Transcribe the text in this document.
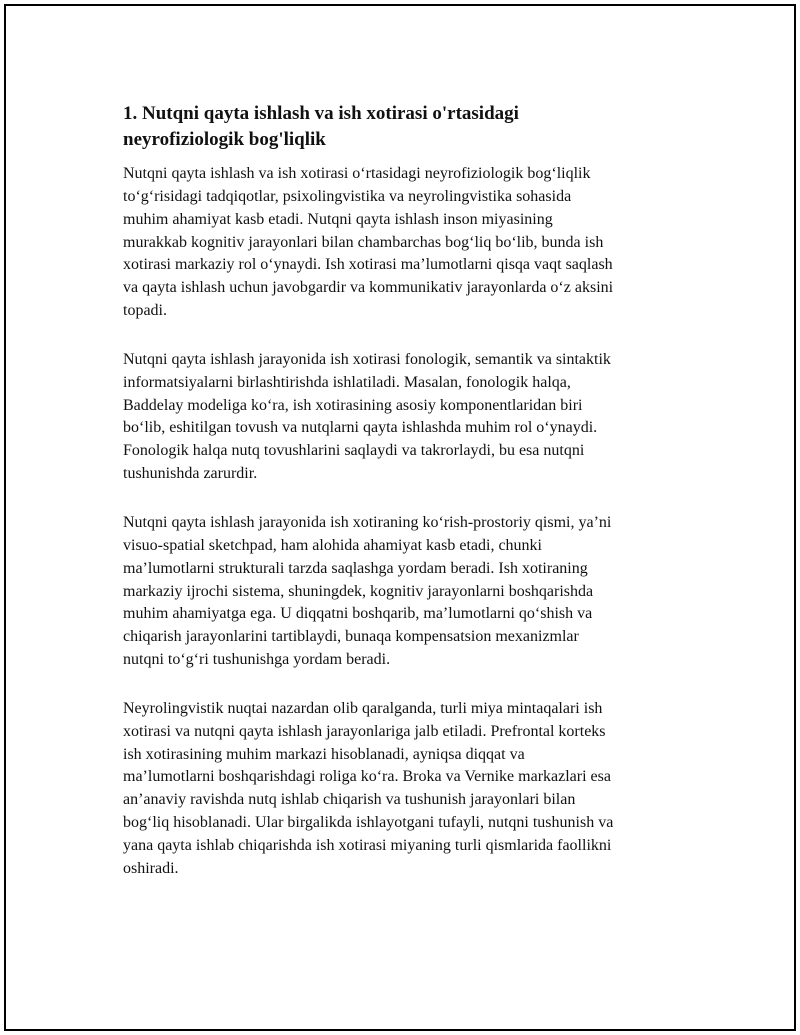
1. Nutqni qayta ishlash va ish xotirasi o'rtasidagi
neyrofiziologik bog'liqlik

Nutqni qayta ishlash va ish xotirasi o‘rtasidagi neyrofiziologik bog‘liqlik
to‘g‘risidagi tadqiqotlar, psixolingvistika va neyrolingvistika sohasida
muhim ahamiyat kasb etadi. Nutqni qayta ishlash inson miyasining
murakkab kognitiv jarayonlari bilan chambarchas bog‘liq bo‘lib, bunda ish
xotirasi markaziy rol o‘ynaydi. Ish xotirasi ma’lumotlarni qisqa vaqt saqlash
va qayta ishlash uchun javobgardir va kommunikativ jarayonlarda o‘z aksini
topadi.

Nutqni qayta ishlash jarayonida ish xotirasi fonologik, semantik va sintaktik
informatsiyalarni birlashtirishda ishlatiladi. Masalan, fonologik halqa,
Baddelay modeliga ko‘ra, ish xotirasining asosiy komponentlaridan biri
bo‘lib, eshitilgan tovush va nutqlarni qayta ishlashda muhim rol o‘ynaydi.
Fonologik halqa nutq tovushlarini saqlaydi va takrorlaydi, bu esa nutqni
tushunishda zarurdir.

Nutqni qayta ishlash jarayonida ish xotiraning ko‘rish-prostoriy qismi, ya’ni
visuo-spatial sketchpad, ham alohida ahamiyat kasb etadi, chunki
ma’lumotlarni strukturali tarzda saqlashga yordam beradi. Ish xotiraning
markaziy ijrochi sistema, shuningdek, kognitiv jarayonlarni boshqarishda
muhim ahamiyatga ega. U diqqatni boshqarib, ma’lumotlarni qo‘shish va
chiqarish jarayonlarini tartiblaydi, bunaqa kompensatsion mexanizmlar
nutqni to‘g‘ri tushunishga yordam beradi.

Neyrolingvistik nuqtai nazardan olib qaralganda, turli miya mintaqalari ish
xotirasi va nutqni qayta ishlash jarayonlariga jalb etiladi. Prefrontal korteks
ish xotirasining muhim markazi hisoblanadi, ayniqsa diqqat va
ma’lumotlarni boshqarishdagi roliga ko‘ra. Broka va Vernike markazlari esa
an’anaviy ravishda nutq ishlab chiqarish va tushunish jarayonlari bilan
bog‘liq hisoblanadi. Ular birgalikda ishlayotgani tufayli, nutqni tushunish va
yana qayta ishlab chiqarishda ish xotirasi miyaning turli qismlarida faollikni
oshiradi.
